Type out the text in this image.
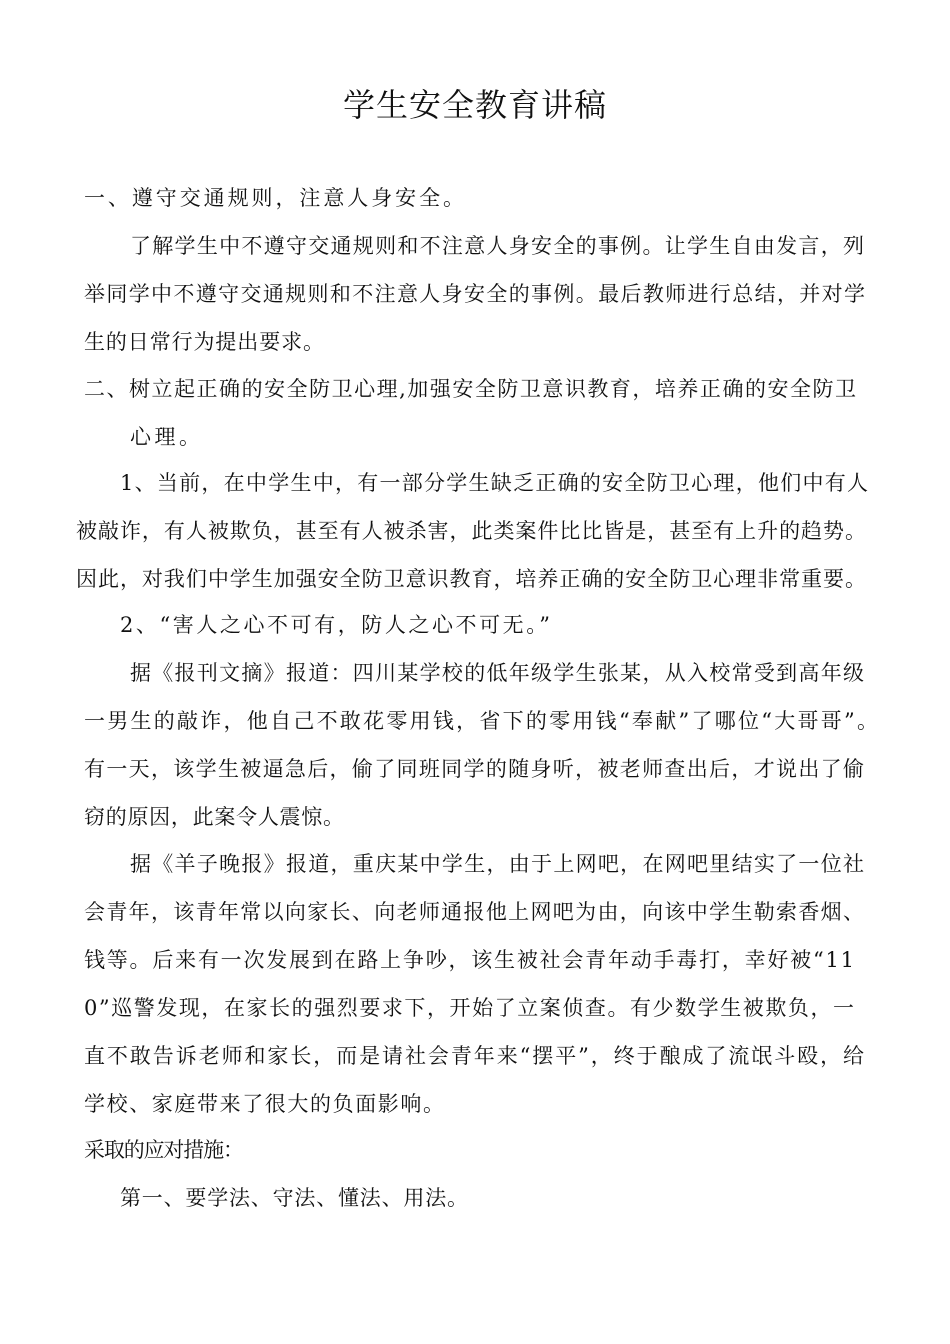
学生安全教育讲稿
一、遵守交通规则，注意人身安全。
了解学生中不遵守交通规则和不注意人身安全的事例。让学生自由发言，列
举同学中不遵守交通规则和不注意人身安全的事例。最后教师进行总结，并对学
生的日常行为提出要求。
二、树立起正确的安全防卫心理,加强安全防卫意识教育，培养正确的安全防卫
心理。
1、当前，在中学生中，有一部分学生缺乏正确的安全防卫心理，他们中有人
被敲诈，有人被欺负，甚至有人被杀害，此类案件比比皆是，甚至有上升的趋势。
因此，对我们中学生加强安全防卫意识教育，培养正确的安全防卫心理非常重要。
2、“害人之心不可有，防人之心不可无。”
据《报刊文摘》报道：四川某学校的低年级学生张某，从入校常受到高年级
一男生的敲诈，他自己不敢花零用钱，省下的零用钱“奉献”了哪位“大哥哥”。
有一天，该学生被逼急后，偷了同班同学的随身听，被老师查出后，才说出了偷
窃的原因，此案令人震惊。
据《羊子晚报》报道，重庆某中学生，由于上网吧，在网吧里结实了一位社
会青年，该青年常以向家长、向老师通报他上网吧为由，向该中学生勒索香烟、
钱等。后来有一次发展到在路上争吵，该生被社会青年动手毒打，幸好被“11
0”巡警发现，在家长的强烈要求下，开始了立案侦查。有少数学生被欺负，一
直不敢告诉老师和家长，而是请社会青年来“摆平”，终于酿成了流氓斗殴，给
学校、家庭带来了很大的负面影响。
采取的应对措施：
第一、要学法、守法、懂法、用法。
